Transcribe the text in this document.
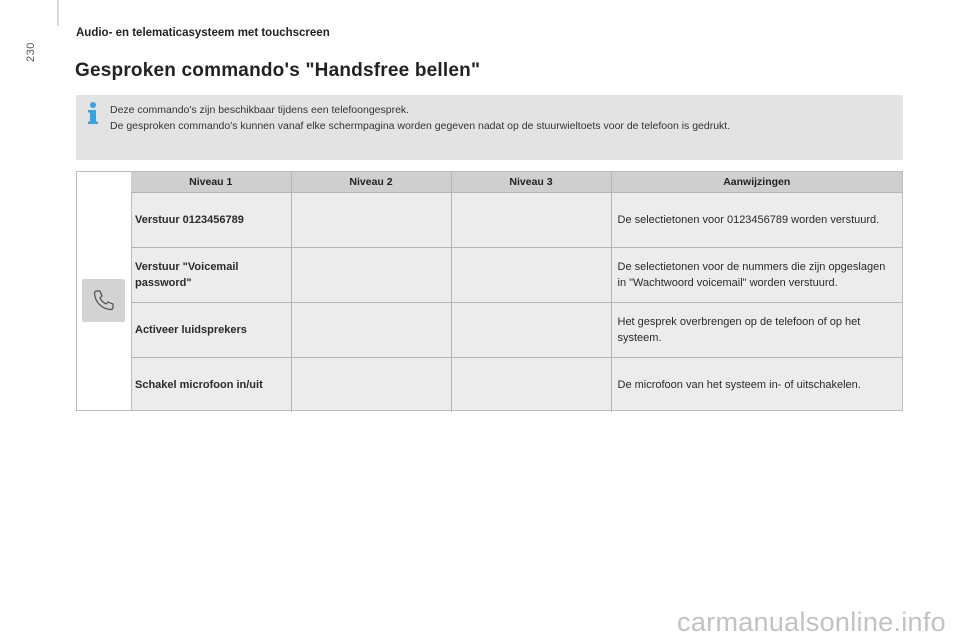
230
Audio- en telematicasysteem met touchscreen
Gesproken commando's "Handsfree bellen"

Deze commando's zijn beschikbaar tijdens een telefoongesprek.

De gesproken commando's kunnen vanaf elke schermpagina worden gegeven nadat op de stuurwieltoets voor de telefoon is gedrukt.

Niveau 1	Niveau 2	Niveau 3	Aanwijzingen
Verstuur 0123456789			De selectietonen voor 0123456789 worden verstuurd.
Verstuur "Voicemail password"			De selectietonen voor de nummers die zijn opgeslagen in "Wachtwoord voicemail" worden verstuurd.
Activeer luidsprekers			Het gesprek overbrengen op de telefoon of op het systeem.
Schakel microfoon in/uit			De microfoon van het systeem in- of uitschakelen.
carmanualsonline.info
